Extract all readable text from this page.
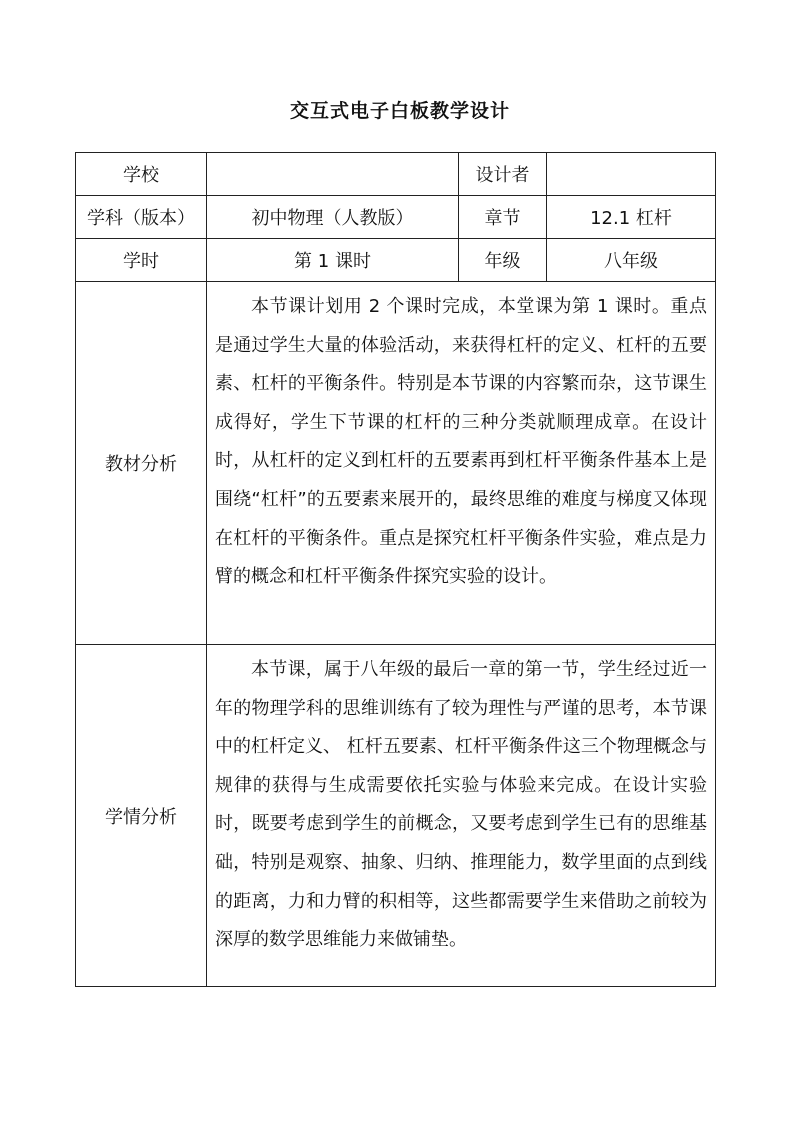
交互式电子白板教学设计
学校		设计者	
学科（版本）	初中物理（人教版）	章节	12.1 杠杆
学时	第 1 课时	年级	八年级
教材分析	本节课计划用 2 个课时完成，本堂课为第 1 课时。重点是通过学生大量的体验活动，来获得杠杆的定义、杠杆的五要素、杠杆的平衡条件。特别是本节课的内容繁而杂，这节课生成得好，学生下节课的杠杆的三种分类就顺理成章。在设计时，从杠杆的定义到杠杆的五要素再到杠杆平衡条件基本上是围绕“杠杆”的五要素来展开的，最终思维的难度与梯度又体现在杠杆的平衡条件。重点是探究杠杆平衡条件实验，难点是力臂的概念和杠杆平衡条件探究实验的设计。		

学情分析	本节课，属于八年级的最后一章的第一节，学生经过近一年的物理学科的思维训练有了较为理性与严谨的思考，本节课中的杠杆定义、 杠杆五要素、杠杆平衡条件这三个物理概念与规律的获得与生成需要依托实验与体验来完成。在设计实验时，既要考虑到学生的前概念，又要考虑到学生已有的思维基础，特别是观察、抽象、归纳、推理能力，数学里面的点到线的距离，力和力臂的积相等，这些都需要学生来借助之前较为深厚的数学思维能力来做铺垫。		
